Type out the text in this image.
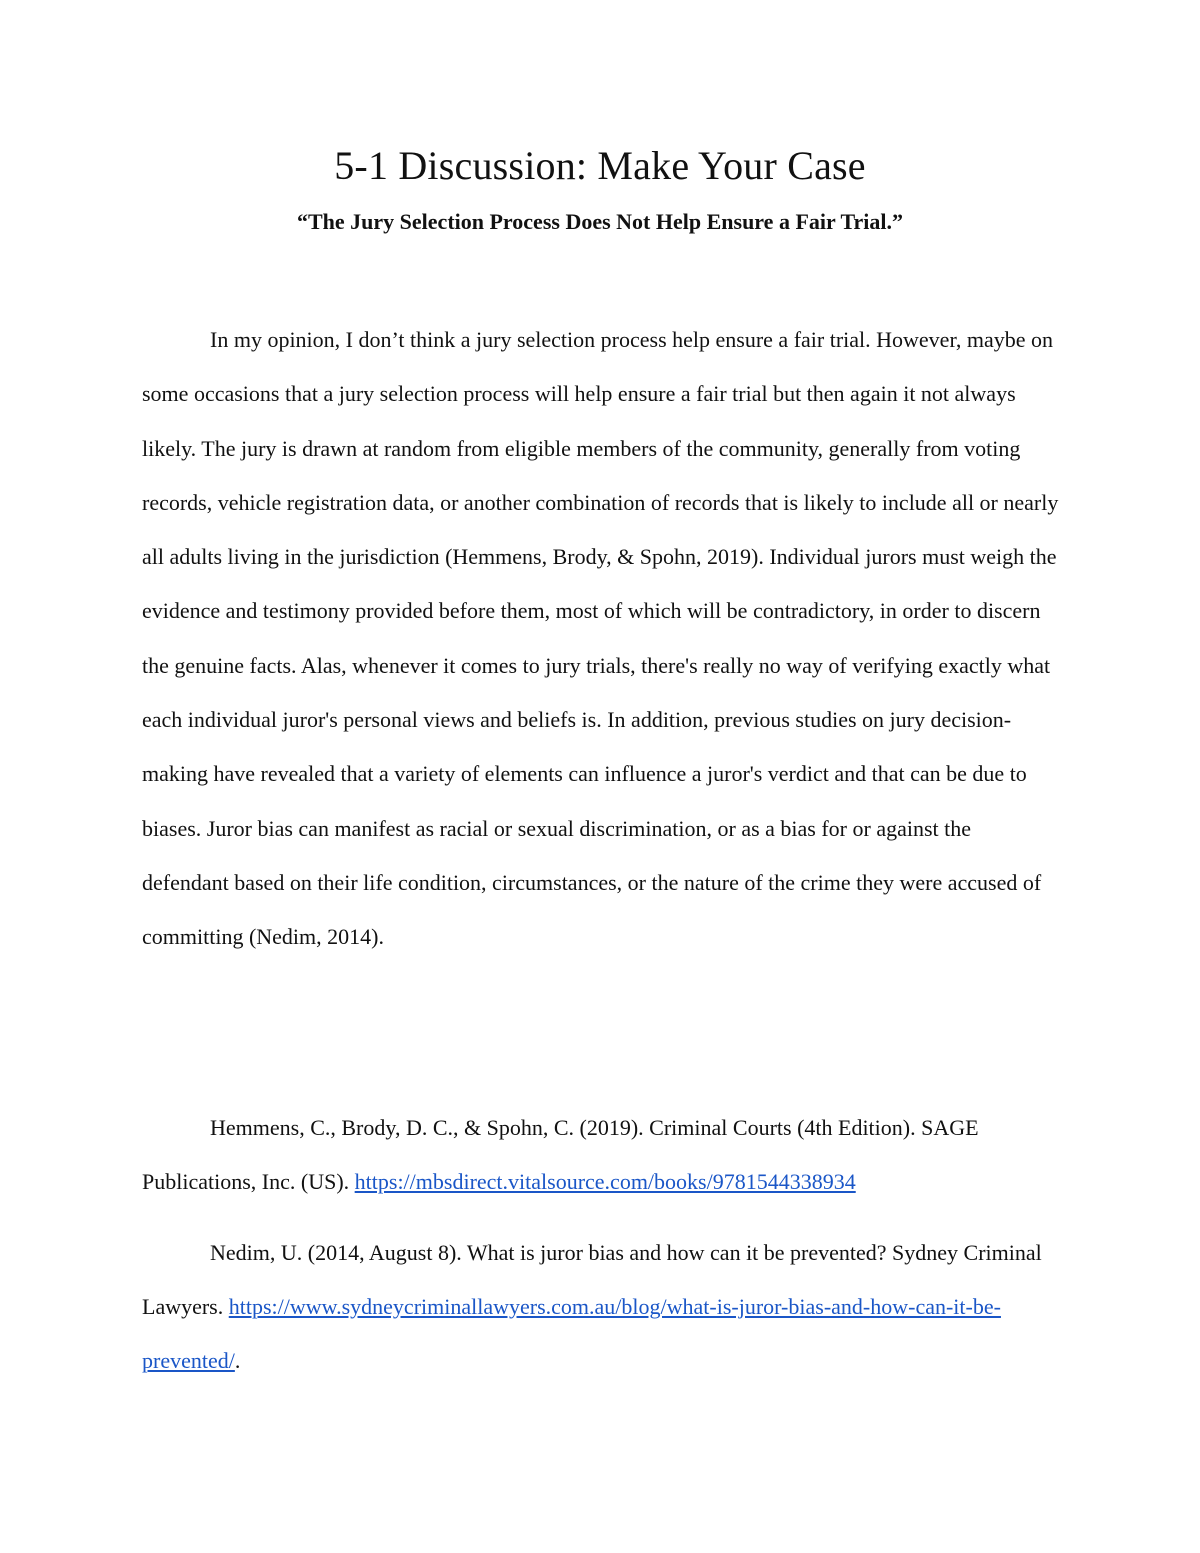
5-1 Discussion: Make Your Case
“The Jury Selection Process Does Not Help Ensure a Fair Trial.”

In my opinion, I don’t think a jury selection process help ensure a fair trial. However, maybe on some occasions that a jury selection process will help ensure a fair trial but then again it not always likely. The jury is drawn at random from eligible members of the community, generally from voting records, vehicle registration data, or another combination of records that is likely to include all or nearly all adults living in the jurisdiction (Hemmens, Brody, & Spohn, 2019). Individual jurors must weigh the evidence and testimony provided before them, most of which will be contradictory, in order to discern the genuine facts. Alas, whenever it comes to jury trials, there's really no way of verifying exactly what each individual juror's personal views and beliefs is. In addition, previous studies on jury decision-making have revealed that a variety of elements can influence a juror's verdict and that can be due to biases. Juror bias can manifest as racial or sexual discrimination, or as a bias for or against the defendant based on their life condition, circumstances, or the nature of the crime they were accused of committing (Nedim, 2014).

Hemmens, C., Brody, D. C., & Spohn, C. (2019). Criminal Courts (4th Edition). SAGE Publications, Inc. (US). https://mbsdirect.vitalsource.com/books/9781544338934

Nedim, U. (2014, August 8). What is juror bias and how can it be prevented? Sydney Criminal Lawyers. https://www.sydneycriminallawyers.com.au/blog/what-is-juror-bias-and-how-can-it-be-prevented/.
